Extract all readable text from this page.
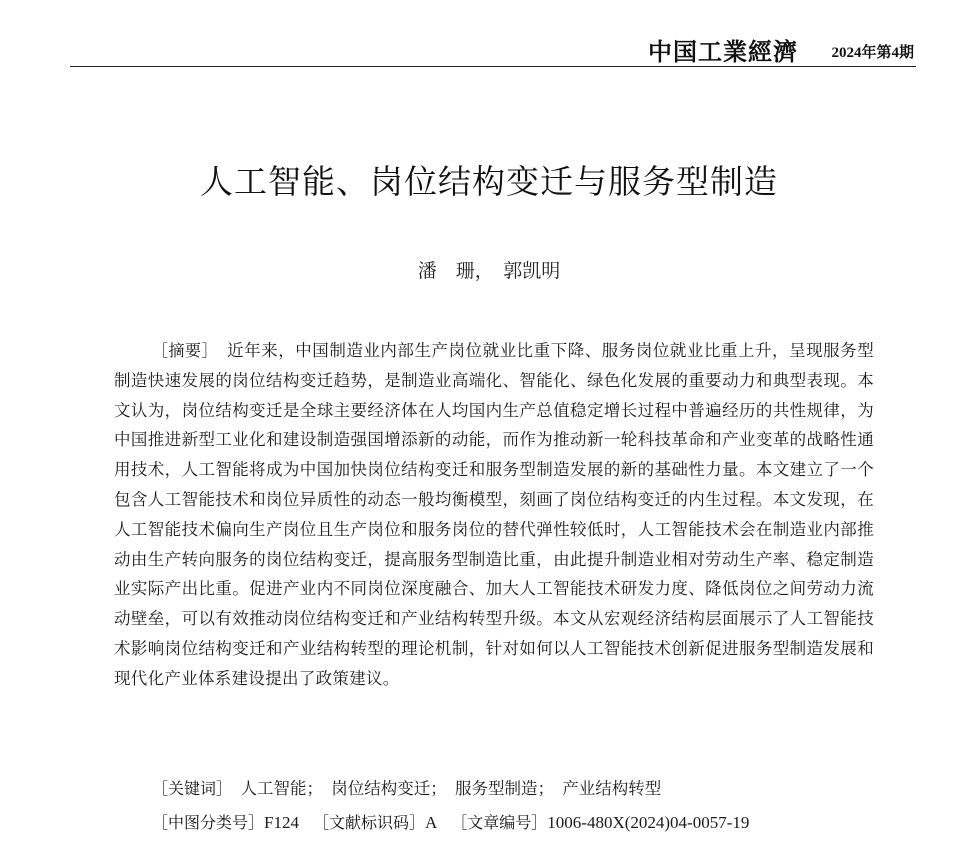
中国工業經濟 2024年第4期
人工智能、岗位结构变迁与服务型制造
潘　珊，　郭凯明
［摘要］　 近年来，中国制造业内部生产岗位就业比重下降、服务岗位就业比重上升，呈现服务型制造快速发展的岗位结构变迁趋势，是制造业高端化、智能化、绿色化发展的重要动力和典型表现。本文认为，岗位结构变迁是全球主要经济体在人均国内生产总值稳定增长过程中普遍经历的共性规律，为中国推进新型工业化和建设制造强国增添新的动能，而作为推动新一轮科技革命和产业变革的战略性通用技术，人工智能将成为中国加快岗位结构变迁和服务型制造发展的新的基础性力量。本文建立了一个包含人工智能技术和岗位异质性的动态一般均衡模型，刻画了岗位结构变迁的内生过程。本文发现，在人工智能技术偏向生产岗位且生产岗位和服务岗位的替代弹性较低时，人工智能技术会在制造业内部推动由生产转向服务的岗位结构变迁，提高服务型制造比重，由此提升制造业相对劳动生产率、稳定制造业实际产出比重。促进产业内不同岗位深度融合、加大人工智能技术研发力度、降低岗位之间劳动力流动壁垒，可以有效推动岗位结构变迁和产业结构转型升级。本文从宏观经济结构层面展示了人工智能技术影响岗位结构变迁和产业结构转型的理论机制，针对如何以人工智能技术创新促进服务型制造发展和现代化产业体系建设提出了政策建议。
［关键词］　 人工智能；　岗位结构变迁；　服务型制造；　产业结构转型
［中图分类号］F124 ［文献标识码］A ［文章编号］1006-480X(2024)04-0057-19
